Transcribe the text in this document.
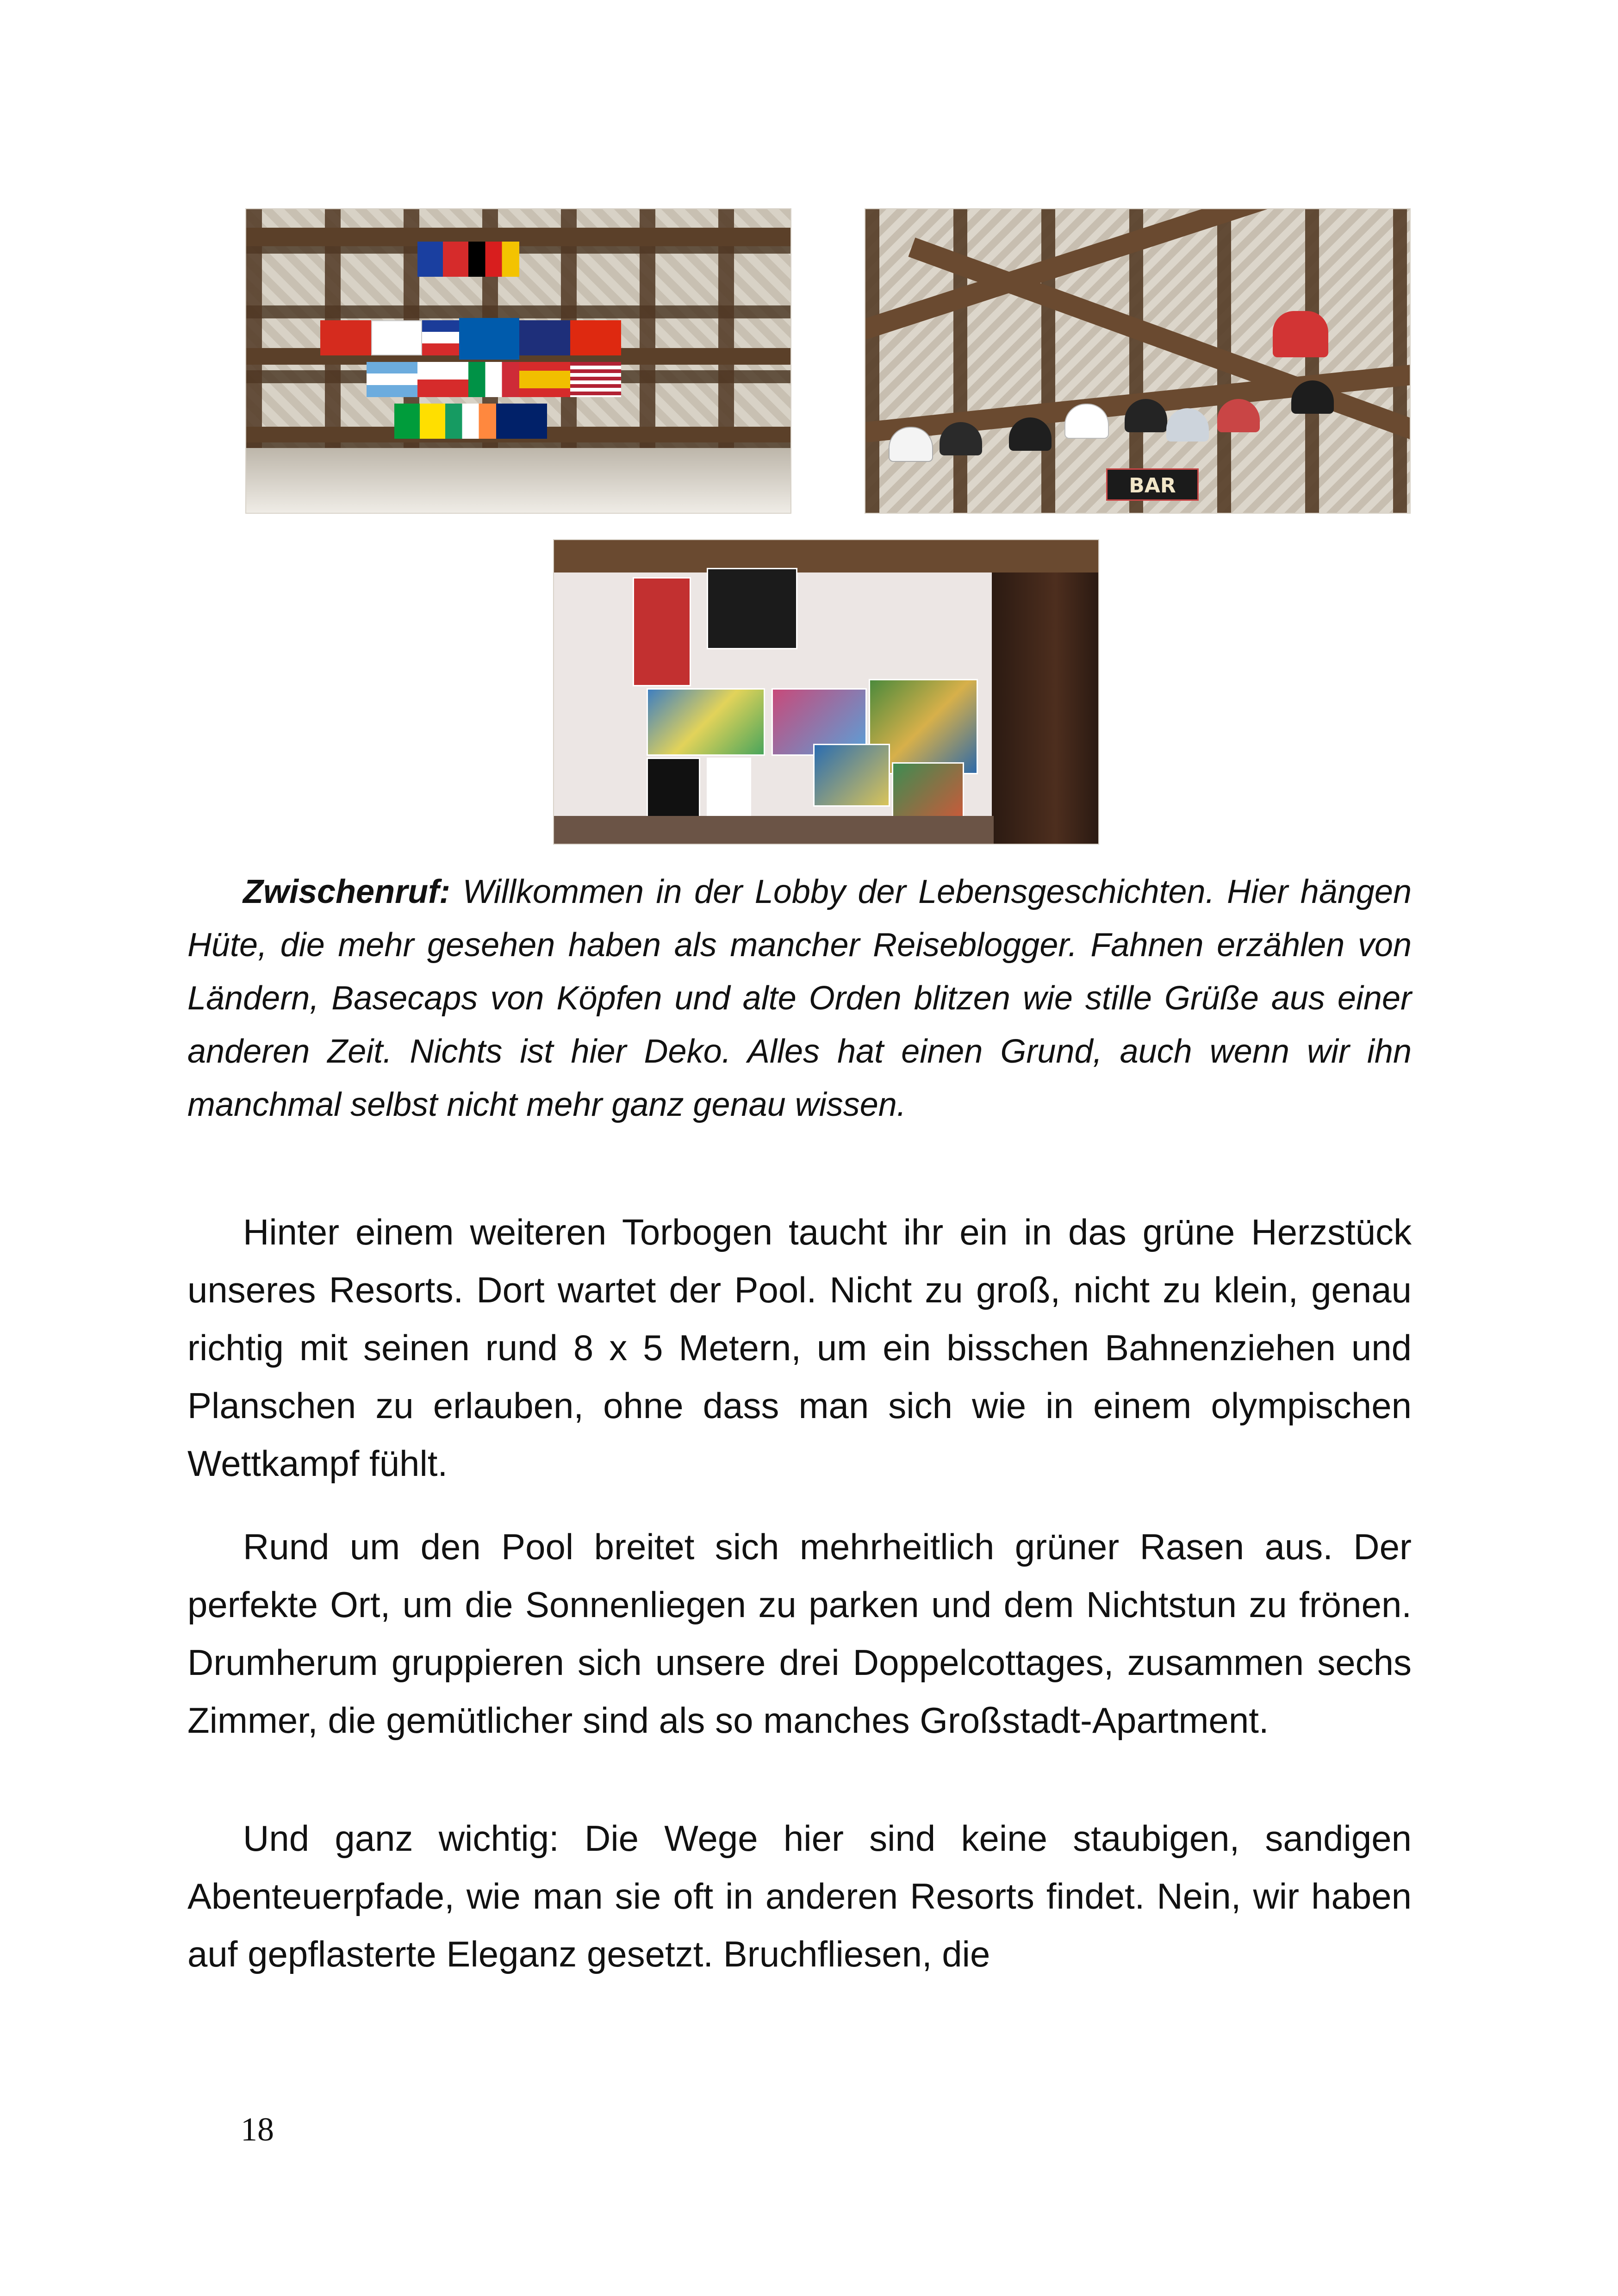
BAR

Zwischenruf: Willkommen in der Lobby der Lebensgeschichten. Hier hängen Hüte, die mehr gesehen haben als mancher Reiseblogger. Fahnen erzählen von Ländern, Basecaps von Köpfen und alte Orden blitzen wie stille Grüße aus einer anderen Zeit. Nichts ist hier Deko. Alles hat einen Grund, auch wenn wir ihn manchmal selbst nicht mehr ganz genau wissen.

Hinter einem weiteren Torbogen taucht ihr ein in das grüne Herzstück unseres Resorts. Dort wartet der Pool. Nicht zu groß, nicht zu klein, genau richtig mit seinen rund 8 x 5 Metern, um ein bisschen Bahnenziehen und Planschen zu erlauben, ohne dass man sich wie in einem olympischen Wettkampf fühlt.

Rund um den Pool breitet sich mehrheitlich grüner Rasen aus. Der perfekte Ort, um die Sonnenliegen zu parken und dem Nichtstun zu frönen. Drumherum gruppieren sich unsere drei Doppelcottages, zusammen sechs Zimmer, die gemütlicher sind als so manches Großstadt-Apartment.

Und ganz wichtig: Die Wege hier sind keine staubigen, sandigen Abenteuerpfade, wie man sie oft in anderen Resorts findet. Nein, wir haben auf gepflasterte Eleganz gesetzt. Bruchfliesen, die

18
